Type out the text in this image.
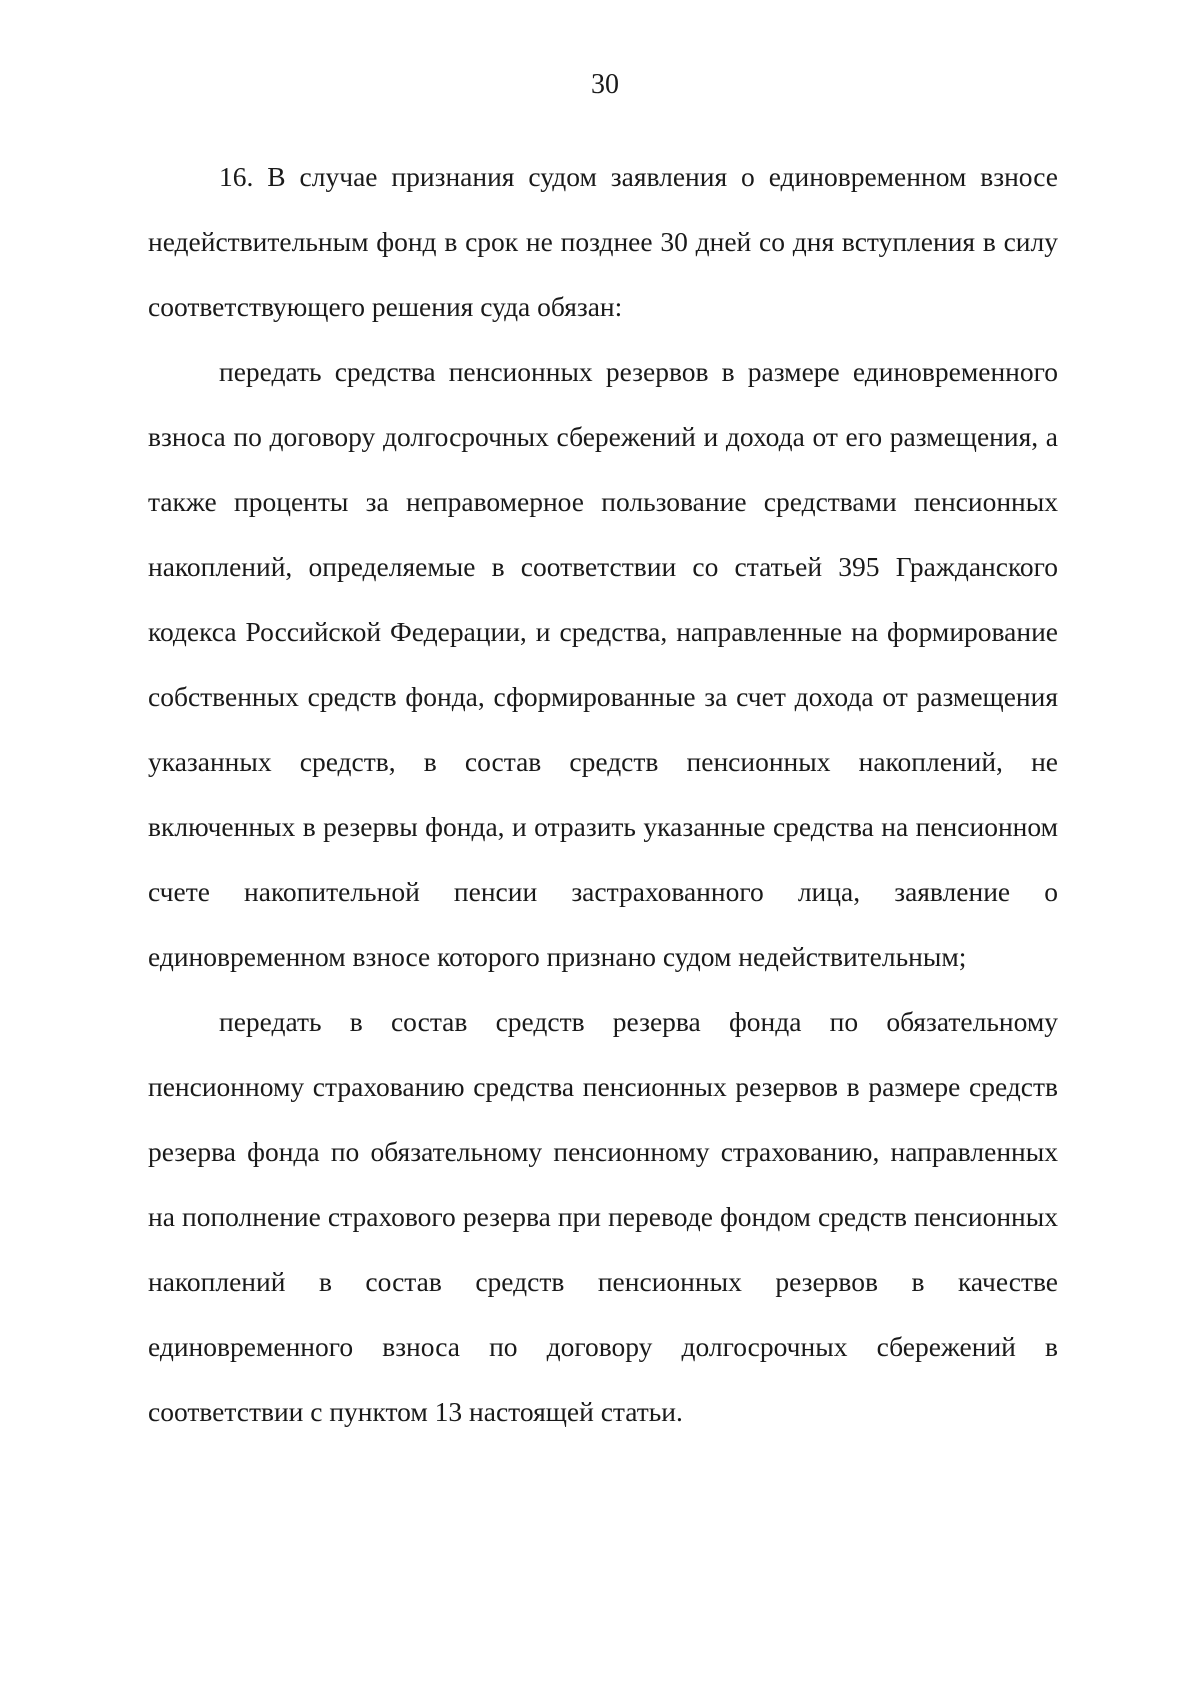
30

16. В случае признания судом заявления о единовременном взносе недействительным фонд в срок не позднее 30 дней со дня вступления в силу соответствующего решения суда обязан:

передать средства пенсионных резервов в размере единовременного взноса по договору долгосрочных сбережений и дохода от его размещения, а также проценты за неправомерное пользование средствами пенсионных накоплений, определяемые в соответствии со статьей 395 Гражданского кодекса Российской Федерации, и средства, направленные на формирование собственных средств фонда, сформированные за счет дохода от размещения указанных средств, в состав средств пенсионных накоплений, не включенных в резервы фонда, и отразить указанные средства на пенсионном счете накопительной пенсии застрахованного лица, заявление о единовременном взносе которого признано судом недействительным;

передать в состав средств резерва фонда по обязательному пенсионному страхованию средства пенсионных резервов в размере средств резерва фонда по обязательному пенсионному страхованию, направленных на пополнение страхового резерва при переводе фондом средств пенсионных накоплений в состав средств пенсионных резервов в качестве единовременного взноса по договору долгосрочных сбережений в соответствии с пунктом 13 настоящей статьи.
